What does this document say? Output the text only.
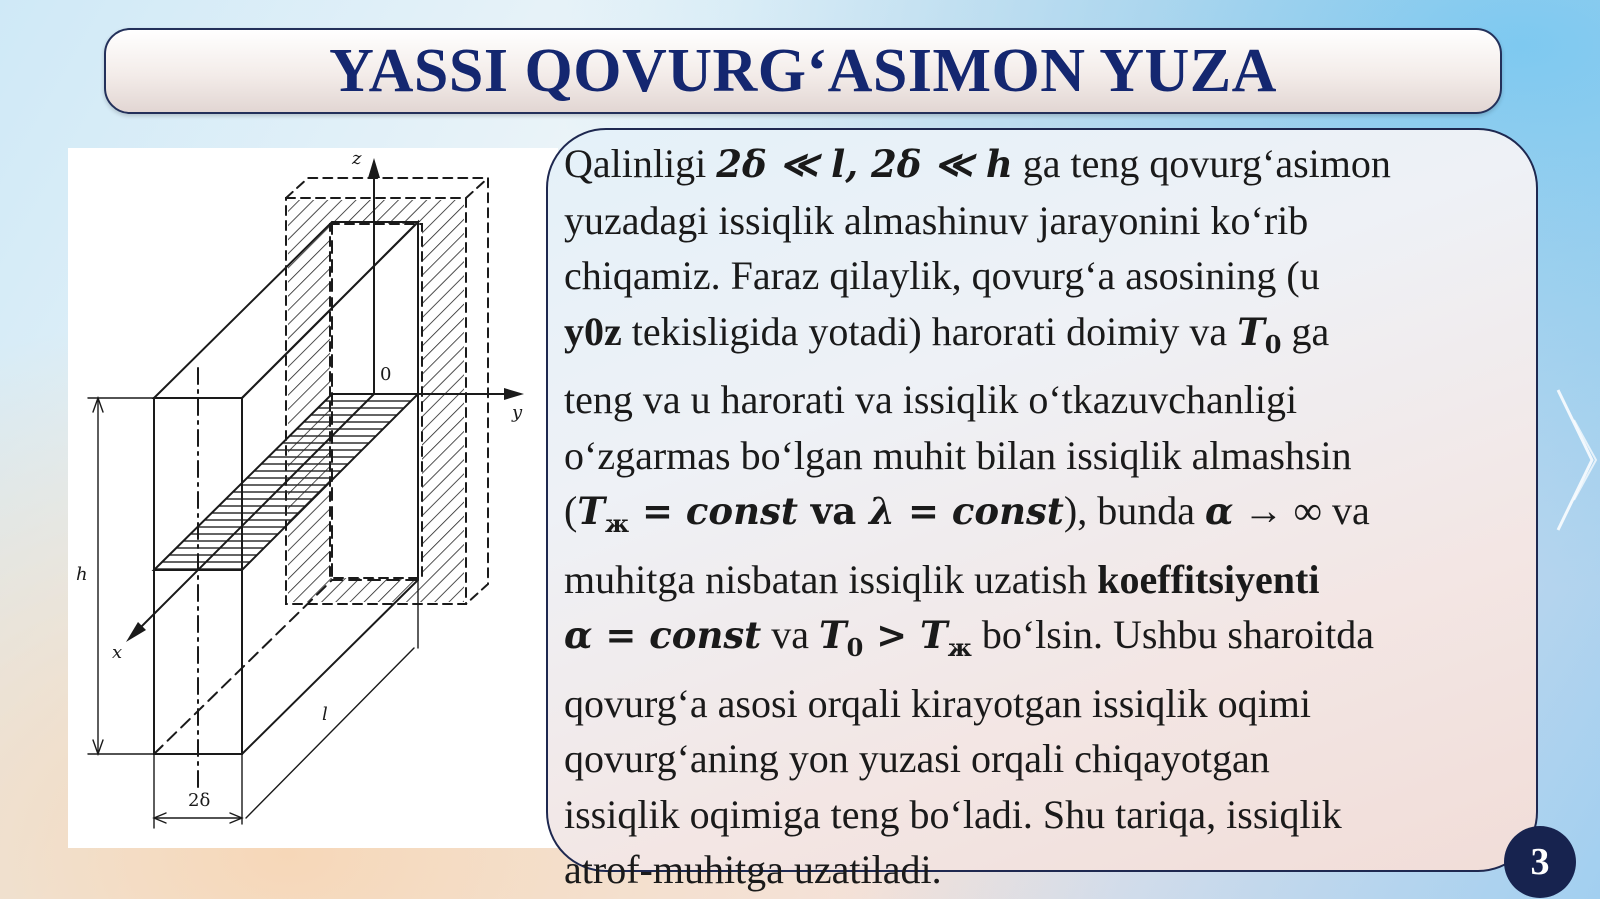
YASSI QOVURG‘ASIMON YUZA
z
y
x
0
h
l
2δ
Qalinligi 2δ ≪ l, 2δ ≪ h ga teng qovurg‘asimon
yuzadagi issiqlik almashinuv jarayonini ko‘rib
chiqamiz. Faraz qilaylik, qovurg‘a asosining (u
y0z tekisligida yotadi) harorati doimiy va $T_0$ ga
teng va u harorati va issiqlik o‘tkazuvchanligi
o‘zgarmas bo‘lgan muhit bilan issiqlik almashsin
($T_ж$ = const va λ = const), bunda α → ∞ va
muhitga nisbatan issiqlik uzatish koeffitsiyenti
α = const va $T_0 > T_ж$ bo‘lsin. Ushbu sharoitda
qovurg‘a asosi orqali kirayotgan issiqlik oqimi
qovurg‘aning yon yuzasi orqali chiqayotgan
issiqlik oqimiga teng bo‘ladi. Shu tariqa, issiqlik
atrof-muhitga uzatiladi.	3
